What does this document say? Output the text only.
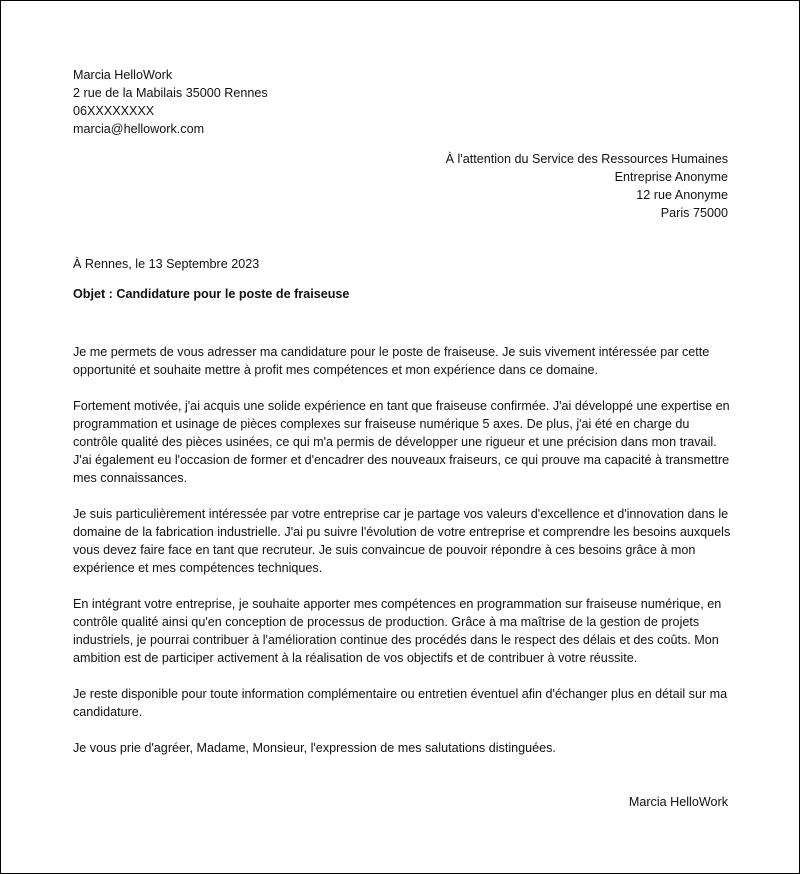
Marcia HelloWork
2 rue de la Mabilais 35000 Rennes
06XXXXXXXX
marcia@hellowork.com
À l'attention du Service des Ressources Humaines
Entreprise Anonyme
12 rue Anonyme
Paris 75000
À Rennes, le 13 Septembre 2023
Objet : Candidature pour le poste de fraiseuse

Je me permets de vous adresser ma candidature pour le poste de fraiseuse. Je suis vivement intéressée par cette opportunité et souhaite mettre à profit mes compétences et mon expérience dans ce domaine.

Fortement motivée, j'ai acquis une solide expérience en tant que fraiseuse confirmée. J'ai développé une expertise en programmation et usinage de pièces complexes sur fraiseuse numérique 5 axes. De plus, j'ai été en charge du contrôle qualité des pièces usinées, ce qui m'a permis de développer une rigueur et une précision dans mon travail. J'ai également eu l'occasion de former et d'encadrer des nouveaux fraiseurs, ce qui prouve ma capacité à transmettre mes connaissances.

Je suis particulièrement intéressée par votre entreprise car je partage vos valeurs d'excellence et d'innovation dans le domaine de la fabrication industrielle. J'ai pu suivre l'évolution de votre entreprise et comprendre les besoins auxquels vous devez faire face en tant que recruteur. Je suis convaincue de pouvoir répondre à ces besoins grâce à mon expérience et mes compétences techniques.

En intégrant votre entreprise, je souhaite apporter mes compétences en programmation sur fraiseuse numérique, en contrôle qualité ainsi qu'en conception de processus de production. Grâce à ma maîtrise de la gestion de projets industriels, je pourrai contribuer à l'amélioration continue des procédés dans le respect des délais et des coûts. Mon ambition est de participer activement à la réalisation de vos objectifs et de contribuer à votre réussite.

Je reste disponible pour toute information complémentaire ou entretien éventuel afin d'échanger plus en détail sur ma candidature.

Je vous prie d'agréer, Madame, Monsieur, l'expression de mes salutations distinguées.

Marcia HelloWork
